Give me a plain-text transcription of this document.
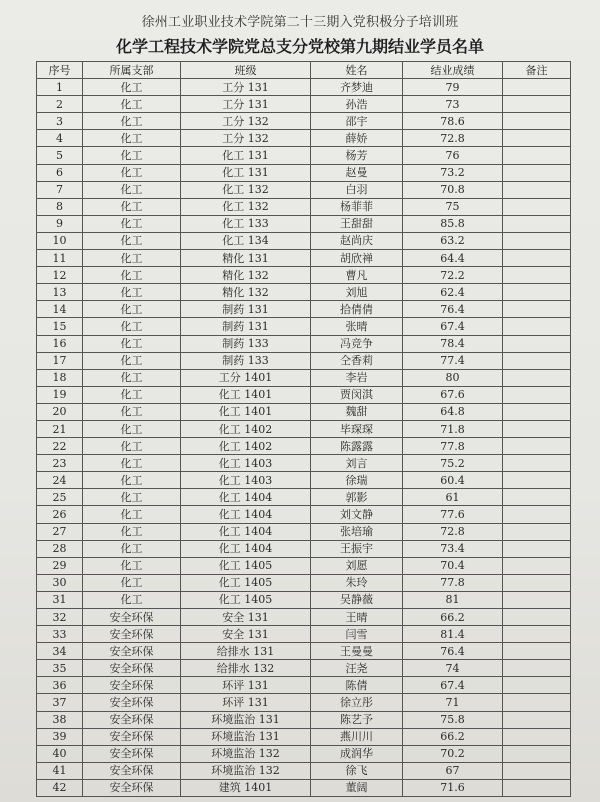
徐州工业职业技术学院第二十三期入党积极分子培训班
化学工程技术学院党总支分党校第九期结业学员名单
序号	所属支部	班级	姓名	结业成绩	备注
1	化工	工分 131	齐梦迪	79	
2	化工	工分 131	孙浩	73	
3	化工	工分 132	邵宇	78.6	
4	化工	工分 132	薛娇	72.8	
5	化工	化工 131	杨芳	76	
6	化工	化工 131	赵曼	73.2	
7	化工	化工 132	白羽	70.8	
8	化工	化工 132	杨菲菲	75	
9	化工	化工 133	王甜甜	85.8	
10	化工	化工 134	赵尚庆	63.2	
11	化工	精化 131	胡欣禅	64.4	
12	化工	精化 132	曹凡	72.2	
13	化工	精化 132	刘旭	62.4	
14	化工	制药 131	拾倩倩	76.4	
15	化工	制药 131	张晴	67.4	
16	化工	制药 133	冯竞争	78.4	
17	化工	制药 133	仝香莉	77.4	
18	化工	工分 1401	李岩	80	
19	化工	化工 1401	贾闵淇	67.6	
20	化工	化工 1401	魏甜	64.8	
21	化工	化工 1402	毕琛琛	71.8	
22	化工	化工 1402	陈露露	77.8	
23	化工	化工 1403	刘言	75.2	
24	化工	化工 1403	徐瑞	60.4	
25	化工	化工 1404	郭影	61	
26	化工	化工 1404	刘文静	77.6	
27	化工	化工 1404	张培瑜	72.8	
28	化工	化工 1404	王振宇	73.4	
29	化工	化工 1405	刘愿	70.4	
30	化工	化工 1405	朱玲	77.8	
31	化工	化工 1405	吴静薇	81	
32	安全环保	安全 131	王晴	66.2	
33	安全环保	安全 131	闫雪	81.4	
34	安全环保	给排水 131	王曼曼	76.4	
35	安全环保	给排水 132	汪尧	74	
36	安全环保	环评 131	陈倩	67.4	
37	安全环保	环评 131	徐立彤	71	
38	安全环保	环境监治 131	陈艺予	75.8	
39	安全环保	环境监治 131	燕川川	66.2	
40	安全环保	环境监治 132	成润华	70.2	
41	安全环保	环境监治 132	徐飞	67	
42	安全环保	建筑 1401	董阔	71.6	
